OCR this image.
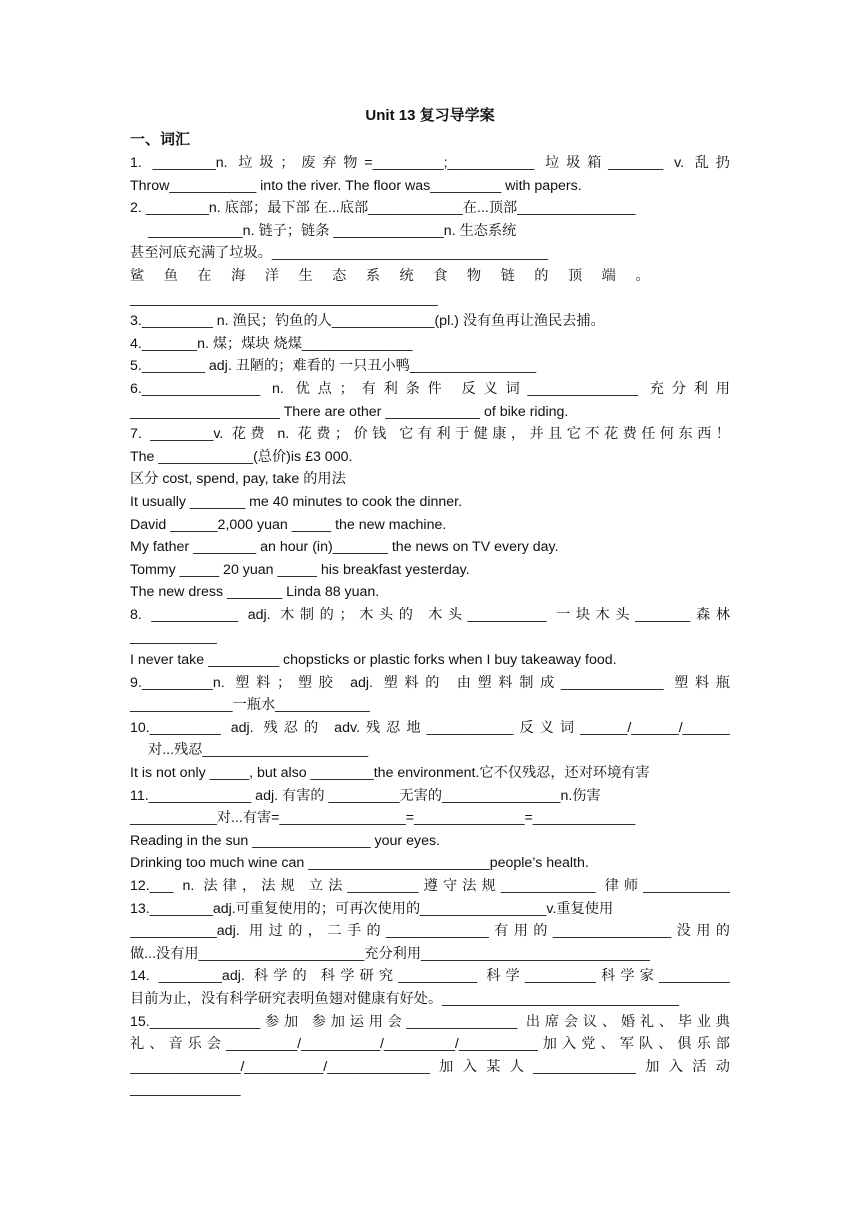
Unit 13 复习导学案
一、词汇
1. ________n. 垃圾；废弃物=_________;___________ 垃圾箱_______ v. 乱扔
Throw___________ into the river. The floor was_________ with papers.
2. ________n. 底部；最下部 在...底部____________在...顶部_______________
____________n. 链子；链条 ______________n. 生态系统
甚至河底充满了垃圾。___________________________________
鲨鱼在海洋生态系统食物链的顶端。
_______________________________________
3._________ n. 渔民；钓鱼的人_____________(pl.) 没有鱼再让渔民去捕。
4._______n. 煤；煤块 烧煤______________
5.________ adj. 丑陋的；难看的 一只丑小鸭________________
6._______________ n. 优点；有利条件 反义词______________ 充分利用
___________________ There are other ____________ of bike riding.
7. ________v. 花费 n. 花费；价钱 它有利于健康，并且它不花费任何东西！
The ____________(总价)is £3 000.
区分 cost, spend, pay, take 的用法
It usually _______ me 40 minutes to cook the dinner.
David ______2,000 yuan _____ the new machine.
My father ________ an hour (in)_______ the news on TV every day.
Tommy _____ 20 yuan _____ his breakfast yesterday.
The new dress _______ Linda 88 yuan.
8. ___________ adj. 木制的；木头的 木头__________ 一块木头_______森林
___________
I never take _________ chopsticks or plastic forks when I buy takeaway food.
9._________n. 塑料；塑胶 adj. 塑料的 由塑料制成_____________ 塑料瓶
_____________一瓶水____________
10._________ adj. 残忍的 adv.残忍地___________反义词______/______/______
对...残忍_____________________
It is not only _____, but also ________the environment.它不仅残忍，还对环境有害
11._____________ adj. 有害的 _________无害的_______________n.伤害
___________对...有害=________________=______________=_____________
Reading in the sun _______________ your eyes.
Drinking too much wine can _______________________people’s health.
12.___ n. 法律，法规 立法_________遵守法规____________ 律师___________
13.________adj.可重复使用的；可再次使用的________________v.重复使用
___________adj. 用过的，二手的_____________有用的_______________没用的
做...没有用_____________________充分利用_____________________________
14. ________adj. 科学的 科学研究__________ 科学_________科学家_________
目前为止，没有科学研究表明鱼翅对健康有好处。______________________________
15.______________参加 参加运用会______________ 出席会议、婚礼、毕业典
礼、音乐会_________/__________/_________/__________加入党、军队、俱乐部
______________/__________/_____________加入某人_____________加入活动
______________
